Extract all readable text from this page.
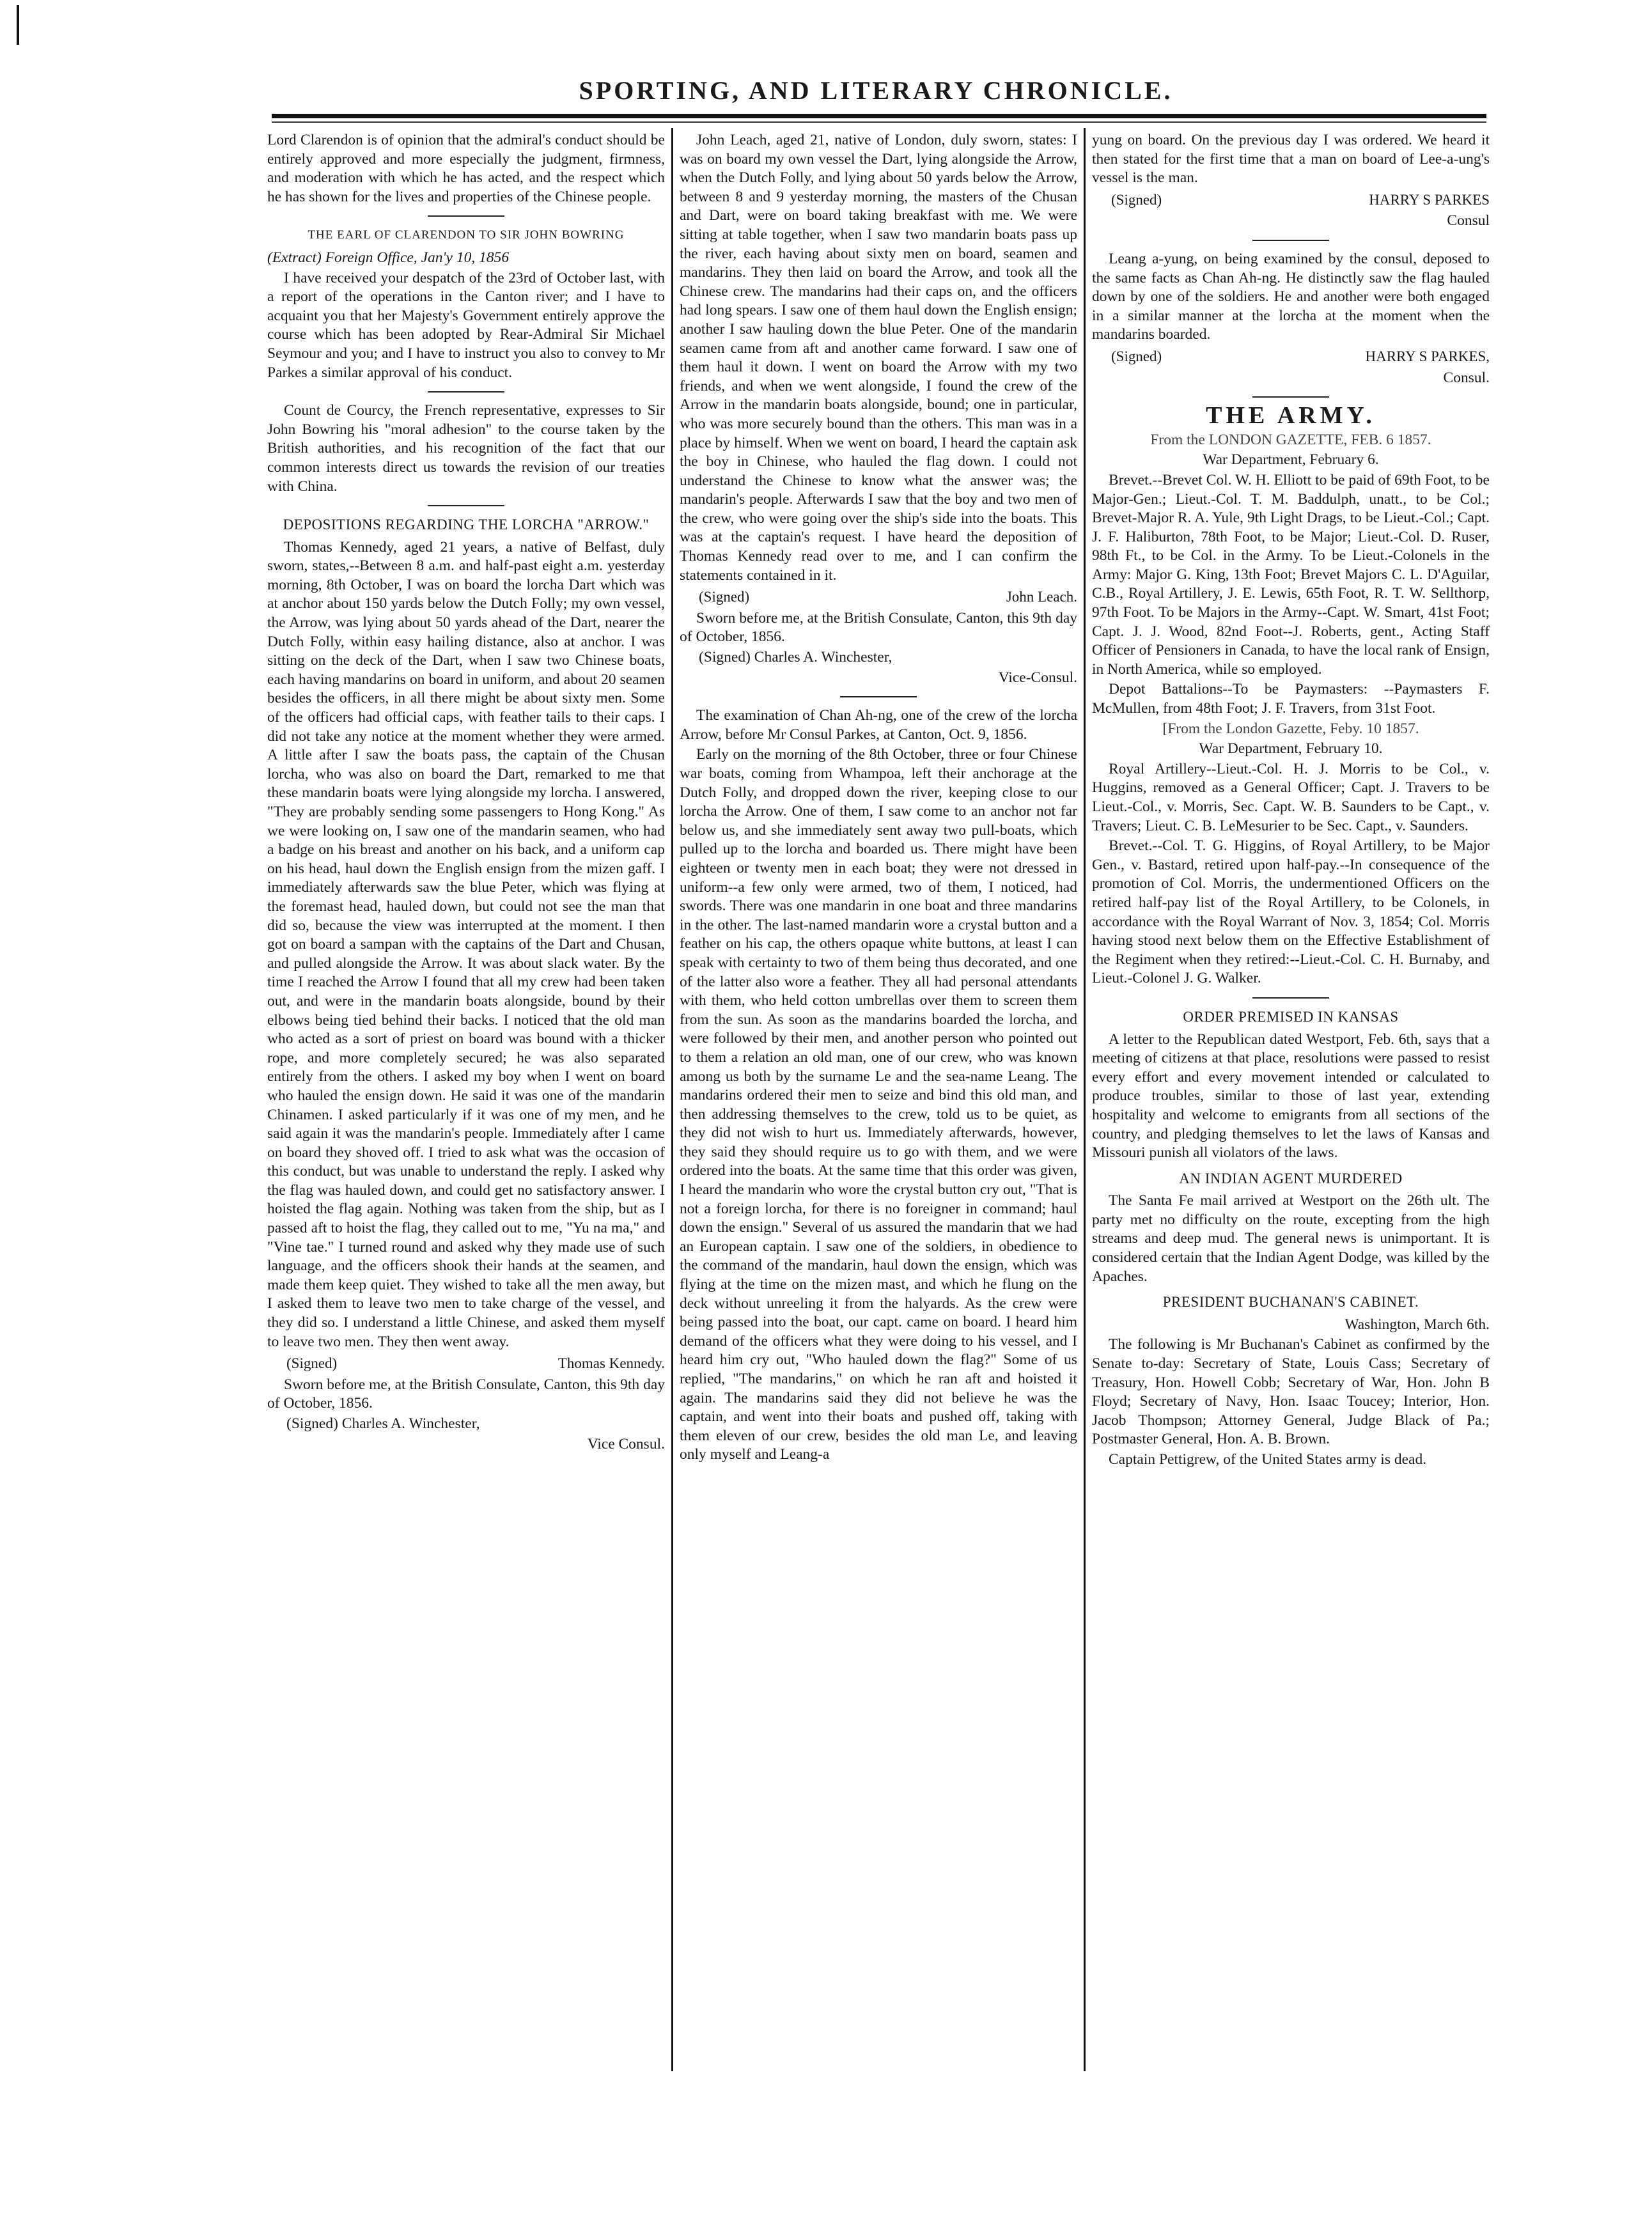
SPORTING, AND LITERARY CHRONICLE.

Lord Clarendon is of opinion that the admiral's conduct should be entirely approved and more especially the judgment, firmness, and moderation with which he has acted, and the respect which he has shown for the lives and properties of the Chinese people.

THE EARL OF CLARENDON TO SIR JOHN BOWRING

(Extract) Foreign Office, Jan'y 10, 1856

I have received your despatch of the 23rd of October last, with a report of the operations in the Canton river; and I have to acquaint you that her Majesty's Government entirely approve the course which has been adopted by Rear-Admiral Sir Michael Seymour and you; and I have to instruct you also to convey to Mr Parkes a similar approval of his conduct.

Count de Courcy, the French representative, expresses to Sir John Bowring his "moral adhesion" to the course taken by the British authorities, and his recognition of the fact that our common interests direct us towards the revision of our treaties with China.

DEPOSITIONS REGARDING THE LORCHA "ARROW."

Thomas Kennedy, aged 21 years, a native of Belfast, duly sworn, states,--Between 8 a.m. and half-past eight a.m. yesterday morning, 8th October, I was on board the lorcha Dart which was at anchor about 150 yards below the Dutch Folly; my own vessel, the Arrow, was lying about 50 yards ahead of the Dart, nearer the Dutch Folly, within easy hailing distance, also at anchor. I was sitting on the deck of the Dart, when I saw two Chinese boats, each having mandarins on board in uniform, and about 20 seamen besides the officers, in all there might be about sixty men. Some of the officers had official caps, with feather tails to their caps. I did not take any notice at the moment whether they were armed. A little after I saw the boats pass, the captain of the Chusan lorcha, who was also on board the Dart, remarked to me that these mandarin boats were lying alongside my lorcha. I answered, "They are probably sending some passengers to Hong Kong." As we were looking on, I saw one of the mandarin seamen, who had a badge on his breast and another on his back, and a uniform cap on his head, haul down the English ensign from the mizen gaff. I immediately afterwards saw the blue Peter, which was flying at the foremast head, hauled down, but could not see the man that did so, because the view was interrupted at the moment. I then got on board a sampan with the captains of the Dart and Chusan, and pulled alongside the Arrow. It was about slack water. By the time I reached the Arrow I found that all my crew had been taken out, and were in the mandarin boats alongside, bound by their elbows being tied behind their backs. I noticed that the old man who acted as a sort of priest on board was bound with a thicker rope, and more completely secured; he was also separated entirely from the others. I asked my boy when I went on board who hauled the ensign down. He said it was one of the mandarin Chinamen. I asked particularly if it was one of my men, and he said again it was the mandarin's people. Immediately after I came on board they shoved off. I tried to ask what was the occasion of this conduct, but was unable to understand the reply. I asked why the flag was hauled down, and could get no satisfactory answer. I hoisted the flag again. Nothing was taken from the ship, but as I passed aft to hoist the flag, they called out to me, "Yu na ma," and "Vine tae." I turned round and asked why they made use of such language, and the officers shook their hands at the seamen, and made them keep quiet. They wished to take all the men away, but I asked them to leave two men to take charge of the vessel, and they did so. I understand a little Chinese, and asked them myself to leave two men. They then went away.

(Signed)	Thomas Kennedy.

Sworn before me, at the British Consulate, Canton, this 9th day of October, 1856.

(Signed) Charles A. Winchester,

Vice Consul.

John Leach, aged 21, native of London, duly sworn, states: I was on board my own vessel the Dart, lying alongside the Arrow, when the Dutch Folly, and lying about 50 yards below the Arrow, between 8 and 9 yesterday morning, the masters of the Chusan and Dart, were on board taking breakfast with me. We were sitting at table together, when I saw two mandarin boats pass up the river, each having about sixty men on board, seamen and mandarins. They then laid on board the Arrow, and took all the Chinese crew. The mandarins had their caps on, and the officers had long spears. I saw one of them haul down the English ensign; another I saw hauling down the blue Peter. One of the mandarin seamen came from aft and another came forward. I saw one of them haul it down. I went on board the Arrow with my two friends, and when we went alongside, I found the crew of the Arrow in the mandarin boats alongside, bound; one in particular, who was more securely bound than the others. This man was in a place by himself. When we went on board, I heard the captain ask the boy in Chinese, who hauled the flag down. I could not understand the Chinese to know what the answer was; the mandarin's people. Afterwards I saw that the boy and two men of the crew, who were going over the ship's side into the boats. This was at the captain's request. I have heard the deposition of Thomas Kennedy read over to me, and I can confirm the statements contained in it.

(Signed)	John Leach.

Sworn before me, at the British Consulate, Canton, this 9th day of October, 1856.

(Signed) Charles A. Winchester,

Vice-Consul.

The examination of Chan Ah-ng, one of the crew of the lorcha Arrow, before Mr Consul Parkes, at Canton, Oct. 9, 1856.

Early on the morning of the 8th October, three or four Chinese war boats, coming from Whampoa, left their anchorage at the Dutch Folly, and dropped down the river, keeping close to our lorcha the Arrow. One of them, I saw come to an anchor not far below us, and she immediately sent away two pull-boats, which pulled up to the lorcha and boarded us. There might have been eighteen or twenty men in each boat; they were not dressed in uniform--a few only were armed, two of them, I noticed, had swords. There was one mandarin in one boat and three mandarins in the other. The last-named mandarin wore a crystal button and a feather on his cap, the others opaque white buttons, at least I can speak with certainty to two of them being thus decorated, and one of the latter also wore a feather. They all had personal attendants with them, who held cotton umbrellas over them to screen them from the sun. As soon as the mandarins boarded the lorcha, and were followed by their men, and another person who pointed out to them a relation an old man, one of our crew, who was known among us both by the surname Le and the sea-name Leang. The mandarins ordered their men to seize and bind this old man, and then addressing themselves to the crew, told us to be quiet, as they did not wish to hurt us. Immediately afterwards, however, they said they should require us to go with them, and we were ordered into the boats. At the same time that this order was given, I heard the mandarin who wore the crystal button cry out, "That is not a foreign lorcha, for there is no foreigner in command; haul down the ensign." Several of us assured the mandarin that we had an European captain. I saw one of the soldiers, in obedience to the command of the mandarin, haul down the ensign, which was flying at the time on the mizen mast, and which he flung on the deck without unreeling it from the halyards. As the crew were being passed into the boat, our capt. came on board. I heard him demand of the officers what they were doing to his vessel, and I heard him cry out, "Who hauled down the flag?" Some of us replied, "The mandarins," on which he ran aft and hoisted it again. The mandarins said they did not believe he was the captain, and went into their boats and pushed off, taking with them eleven of our crew, besides the old man Le, and leaving only myself and Leang-a

yung on board. On the previous day I was ordered. We heard it then stated for the first time that a man on board of Lee-a-ung's vessel is the man.

(Signed)	HARRY S PARKES

Consul

Leang a-yung, on being examined by the consul, deposed to the same facts as Chan Ah-ng. He distinctly saw the flag hauled down by one of the soldiers. He and another were both engaged in a similar manner at the lorcha at the moment when the mandarins boarded.

(Signed)	HARRY S PARKES,

Consul.

THE ARMY.

From the LONDON GAZETTE, FEB. 6 1857.

War Department, February 6.

Brevet.--Brevet Col. W. H. Elliott to be paid of 69th Foot, to be Major-Gen.; Lieut.-Col. T. M. Baddulph, unatt., to be Col.; Brevet-Major R. A. Yule, 9th Light Drags, to be Lieut.-Col.; Capt. J. F. Haliburton, 78th Foot, to be Major; Lieut.-Col. D. Ruser, 98th Ft., to be Col. in the Army. To be Lieut.-Colonels in the Army: Major G. King, 13th Foot; Brevet Majors C. L. D'Aguilar, C.B., Royal Artillery, J. E. Lewis, 65th Foot, R. T. W. Sellthorp, 97th Foot. To be Majors in the Army--Capt. W. Smart, 41st Foot; Capt. J. J. Wood, 82nd Foot--J. Roberts, gent., Acting Staff Officer of Pensioners in Canada, to have the local rank of Ensign, in North America, while so employed.

Depot Battalions--To be Paymasters: --Paymasters F. McMullen, from 48th Foot; J. F. Travers, from 31st Foot.

[From the London Gazette, Feby. 10 1857.

War Department, February 10.

Royal Artillery--Lieut.-Col. H. J. Morris to be Col., v. Huggins, removed as a General Officer; Capt. J. Travers to be Lieut.-Col., v. Morris, Sec. Capt. W. B. Saunders to be Capt., v. Travers; Lieut. C. B. LeMesurier to be Sec. Capt., v. Saunders.

Brevet.--Col. T. G. Higgins, of Royal Artillery, to be Major Gen., v. Bastard, retired upon half-pay.--In consequence of the promotion of Col. Morris, the undermentioned Officers on the retired half-pay list of the Royal Artillery, to be Colonels, in accordance with the Royal Warrant of Nov. 3, 1854; Col. Morris having stood next below them on the Effective Establishment of the Regiment when they retired:--Lieut.-Col. C. H. Burnaby, and Lieut.-Colonel J. G. Walker.

ORDER PREMISED IN KANSAS

A letter to the Republican dated Westport, Feb. 6th, says that a meeting of citizens at that place, resolutions were passed to resist every effort and every movement intended or calculated to produce troubles, similar to those of last year, extending hospitality and welcome to emigrants from all sections of the country, and pledging themselves to let the laws of Kansas and Missouri punish all violators of the laws.

AN INDIAN AGENT MURDERED

The Santa Fe mail arrived at Westport on the 26th ult. The party met no difficulty on the route, excepting from the high streams and deep mud. The general news is unimportant. It is considered certain that the Indian Agent Dodge, was killed by the Apaches.

PRESIDENT BUCHANAN'S CABINET.

Washington, March 6th.

The following is Mr Buchanan's Cabinet as confirmed by the Senate to-day: Secretary of State, Louis Cass; Secretary of Treasury, Hon. Howell Cobb; Secretary of War, Hon. John B Floyd; Secretary of Navy, Hon. Isaac Toucey; Interior, Hon. Jacob Thompson; Attorney General, Judge Black of Pa.; Postmaster General, Hon. A. B. Brown.

Captain Pettigrew, of the United States army is dead.
